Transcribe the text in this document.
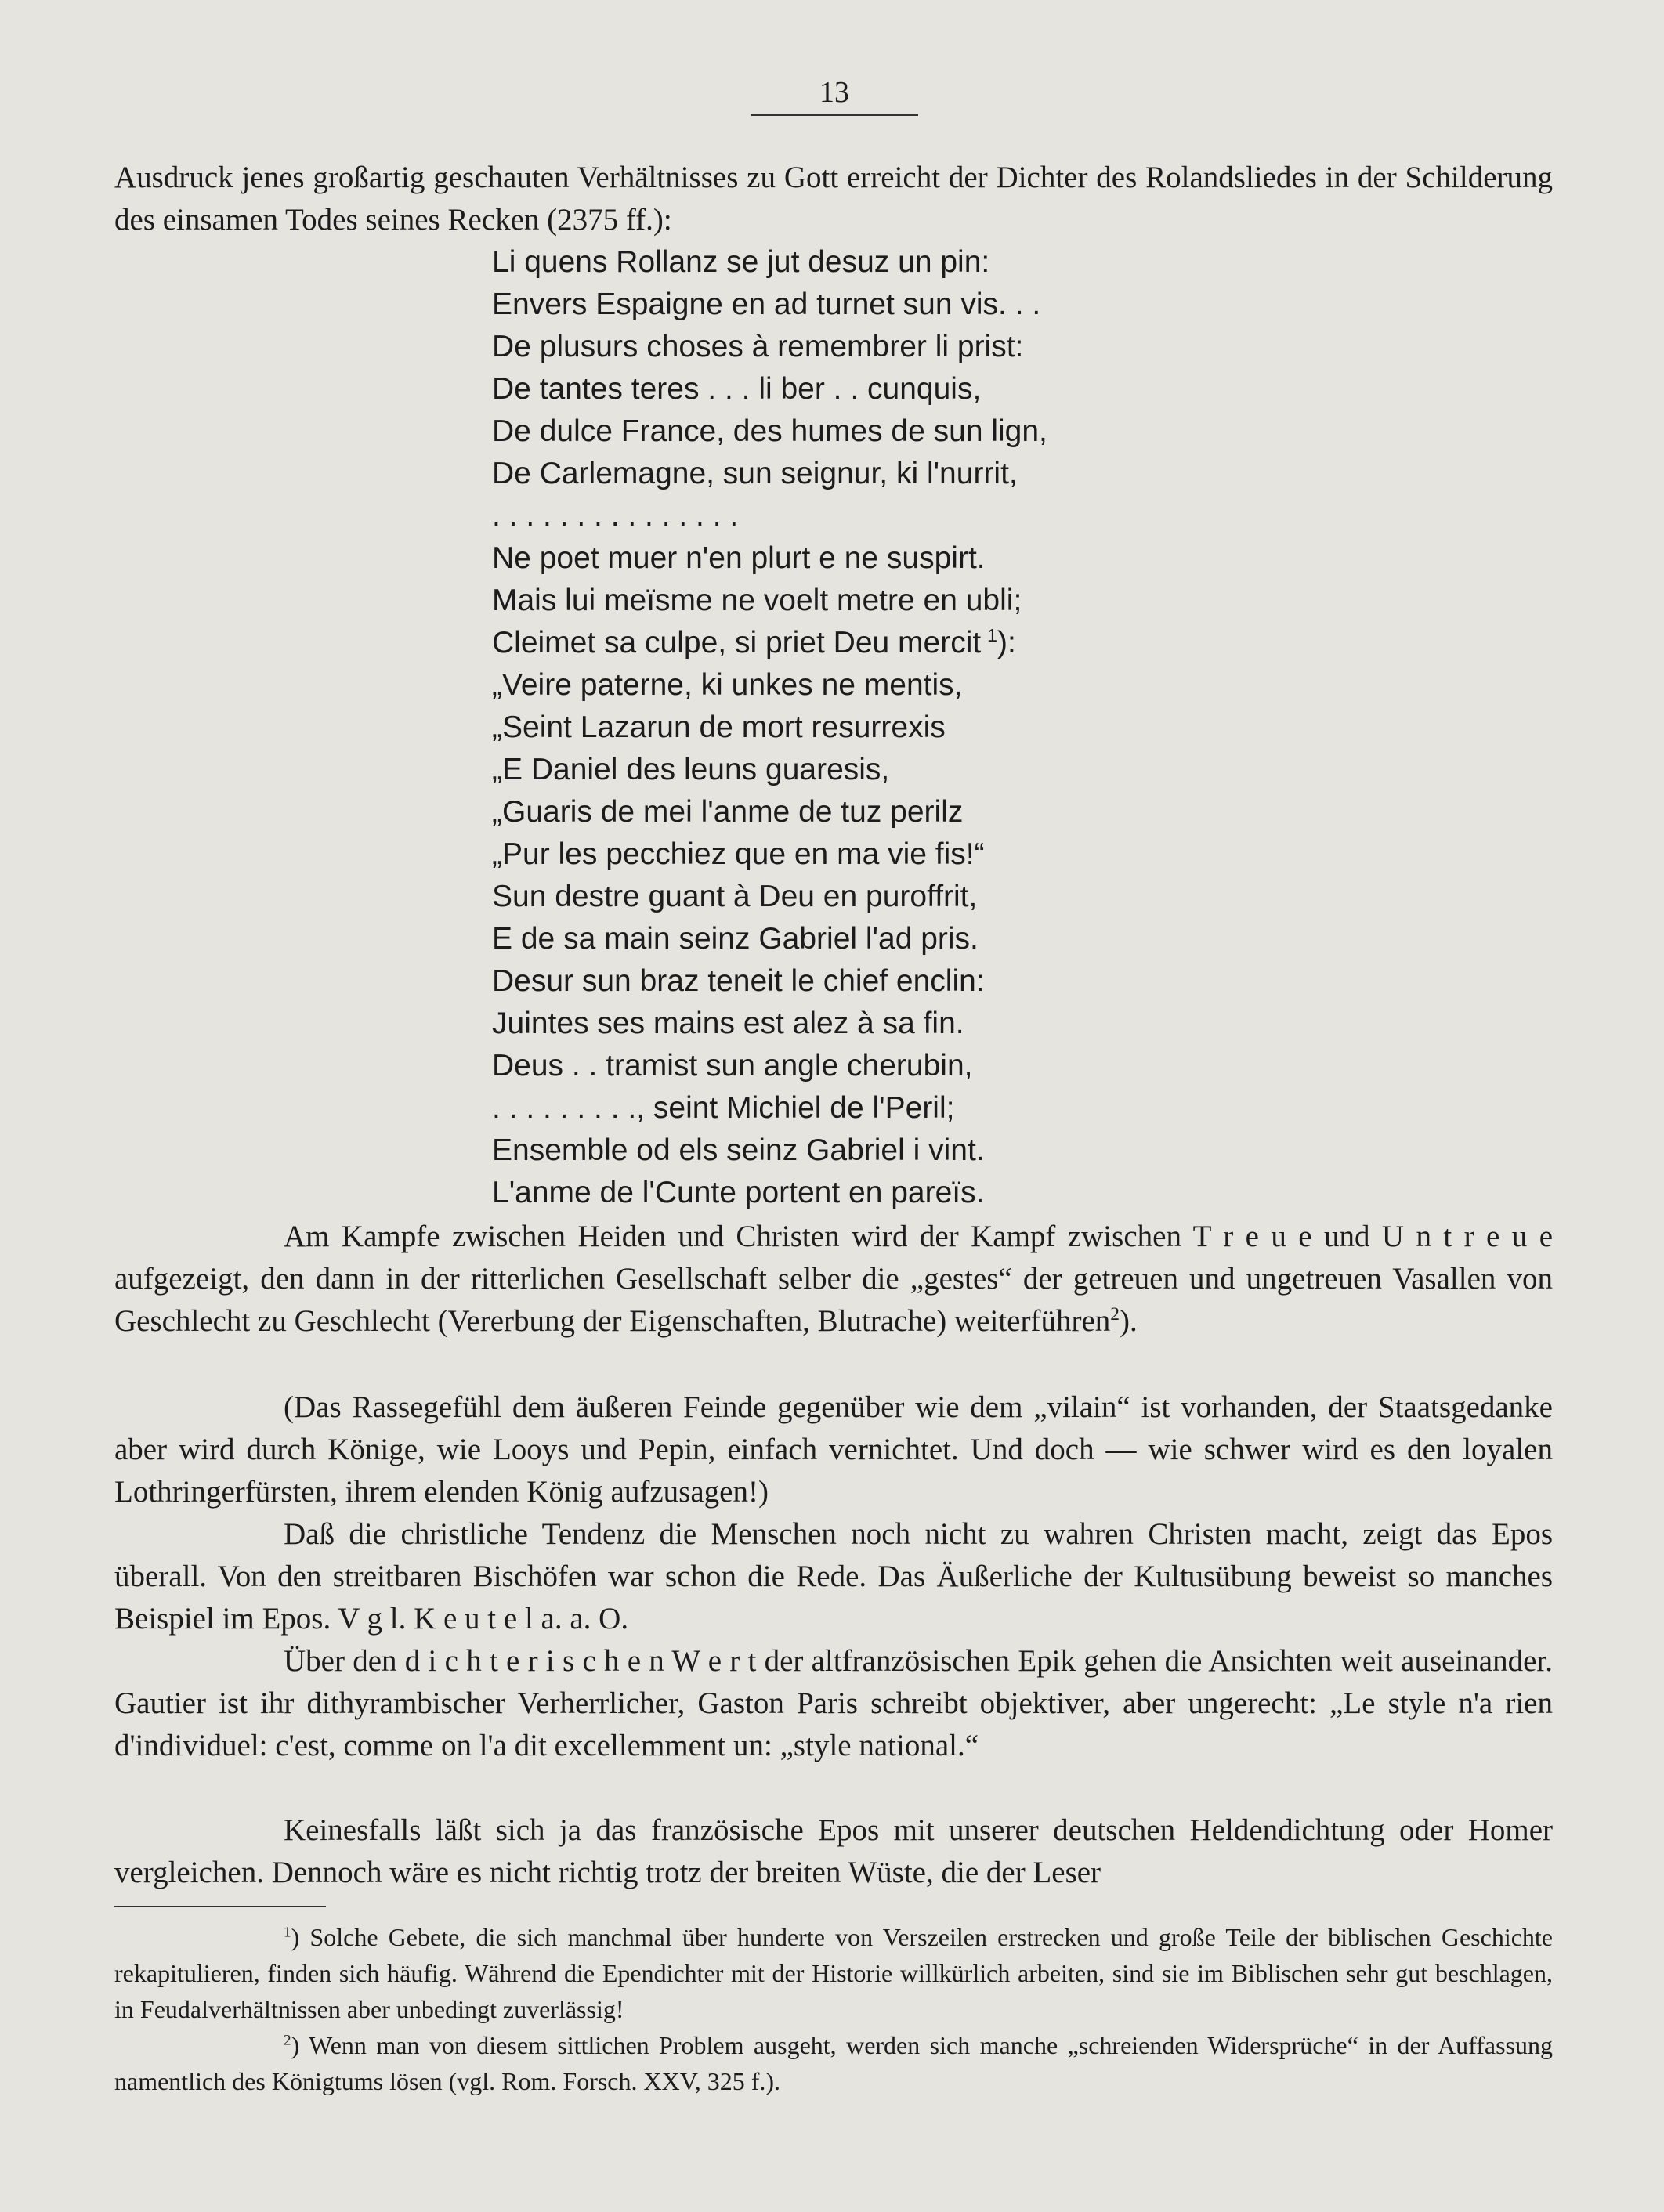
13

Ausdruck jenes großartig geschauten Verhältnisses zu Gott erreicht der Dichter des Rolandsliedes in der Schilderung des einsamen Todes seines Recken (2375 ff.):

Li quens Rollanz se jut desuz un pin:
Envers Espaigne en ad turnet sun vis. . .
De plusurs choses à remembrer li prist:
De tantes teres . . . li ber . . cunquis,
De dulce France, des humes de sun lign,
De Carlemagne, sun seignur, ki l'nurrit,
. . . . . . . . . . . . . . .
Ne poet muer n'en plurt e ne suspirt.
Mais lui meïsme ne voelt metre en ubli;
Cleimet sa culpe, si priet Deu mercit  $^1$):
„Veire paterne, ki unkes ne mentis,
„Seint Lazarun de mort resurrexis
„E Daniel des leuns guaresis,
„Guaris de mei l'anme de tuz perilz
„Pur les pecchiez que en ma vie fis!“
Sun destre guant à Deu en puroffrit,
E de sa main seinz Gabriel l'ad pris.
Desur sun braz teneit le chief enclin:
Juintes ses mains est alez à sa fin.
Deus . . tramist sun angle cherubin,
. . . . . . . . ., seint Michiel de l'Peril;
Ensemble od els seinz Gabriel i vint.
L'anme de l'Cunte portent en pareïs.

Am Kampfe zwischen Heiden und Christen wird der Kampf zwischen T r e u e und U n t r e u e aufgezeigt, den dann in der ritterlichen Gesellschaft selber die „gestes“ der getreuen und ungetreuen Vasallen von Geschlecht zu Geschlecht (Vererbung der Eigenschaften, Blutrache) weiterführen$^2$).

(Das Rassegefühl dem äußeren Feinde gegenüber wie dem „vilain“ ist vorhanden, der Staatsgedanke aber wird durch Könige, wie Looys und Pepin, einfach vernichtet. Und doch — wie schwer wird es den loyalen Lothringerfürsten, ihrem elenden König aufzusagen!)

Daß die christliche Tendenz die Menschen noch nicht zu wahren Christen macht, zeigt das Epos überall. Von den streitbaren Bischöfen war schon die Rede. Das Äußerliche der Kultusübung beweist so manches Beispiel im Epos. V g l. K e u t e l a. a. O.

Über den d i c h t e r i s c h e n W e r t der altfranzösischen Epik gehen die Ansichten weit auseinander. Gautier ist ihr dithyrambischer Verherrlicher, Gaston Paris schreibt objektiver, aber ungerecht: „Le style n'a rien d'individuel: c'est, comme on l'a dit excellemment un: „style national.“

Keinesfalls läßt sich ja das französische Epos mit unserer deutschen Heldendichtung oder Homer vergleichen. Dennoch wäre es nicht richtig trotz der breiten Wüste, die der Leser

$^1$) Solche Gebete, die sich manchmal über hunderte von Verszeilen erstrecken und große Teile der biblischen Geschichte rekapitulieren, finden sich häufig. Während die Ependichter mit der Historie willkürlich arbeiten, sind sie im Biblischen sehr gut beschlagen, in Feudalverhältnissen aber unbedingt zuverlässig!

$^2$) Wenn man von diesem sittlichen Problem ausgeht, werden sich manche „schreienden Widersprüche“ in der Auffassung namentlich des Königtums lösen (vgl. Rom. Forsch. XXV, 325 f.).
